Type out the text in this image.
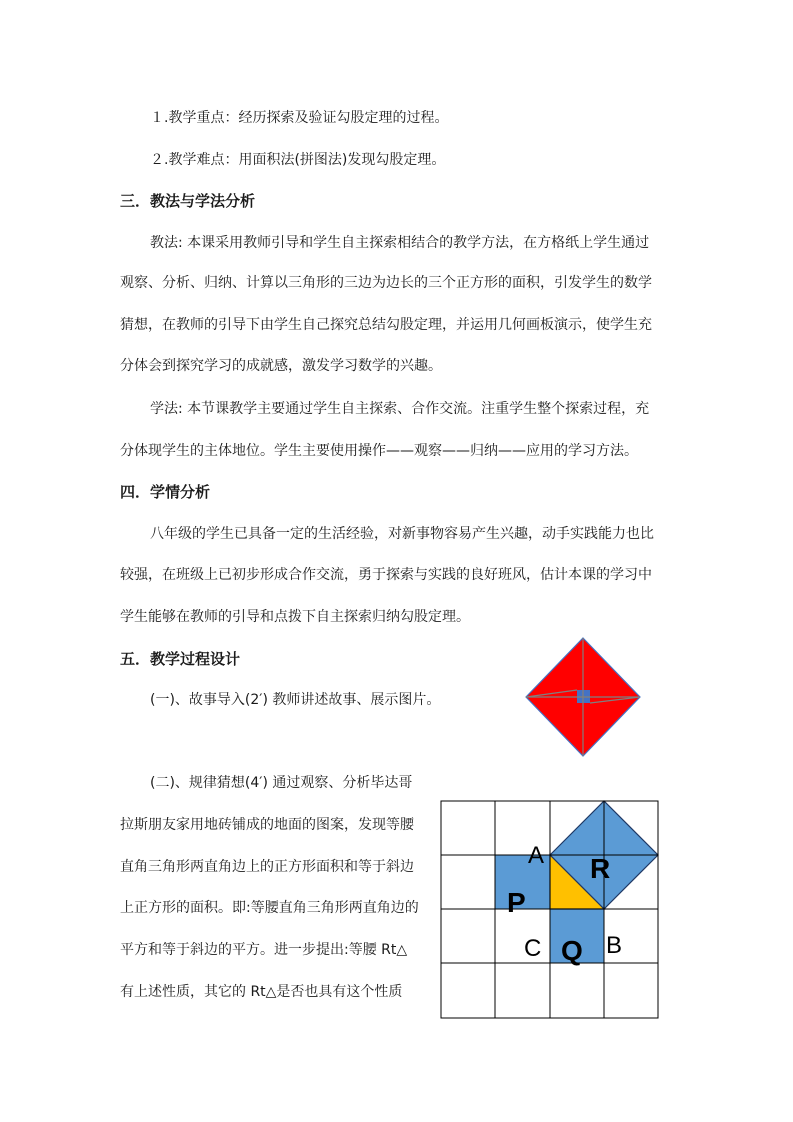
１.教学重点：经历探索及验证勾股定理的过程。
２.教学难点：用面积法(拼图法)发现勾股定理。
三．教法与学法分析
教法: 本课采用教师引导和学生自主探索相结合的教学方法，在方格纸上学生通过
观察、分析、归纳、计算以三角形的三边为边长的三个正方形的面积，引发学生的数学
猜想，在教师的引导下由学生自己探究总结勾股定理，并运用几何画板演示，使学生充
分体会到探究学习的成就感，激发学习数学的兴趣。
学法: 本节课教学主要通过学生自主探索、合作交流。注重学生整个探索过程，充
分体现学生的主体地位。学生主要使用操作——观察——归纳——应用的学习方法。
四．学情分析
八年级的学生已具备一定的生活经验，对新事物容易产生兴趣，动手实践能力也比
较强，在班级上已初步形成合作交流，勇于探索与实践的良好班风，估计本课的学习中
学生能够在教师的引导和点拨下自主探索归纳勾股定理。
五．教学过程设计
(一)、故事导入(2′) 教师讲述故事、展示图片。
(二)、规律猜想(4′) 通过观察、分析毕达哥
拉斯朋友家用地砖铺成的地面的图案，发现等腰
直角三角形两直角边上的正方形面积和等于斜边
上正方形的面积。即:等腰直角三角形两直角边的
平方和等于斜边的平方。进一步提出:等腰 Rt△
有上述性质，其它的 Rt△是否也具有这个性质
A R
P
C Q B
